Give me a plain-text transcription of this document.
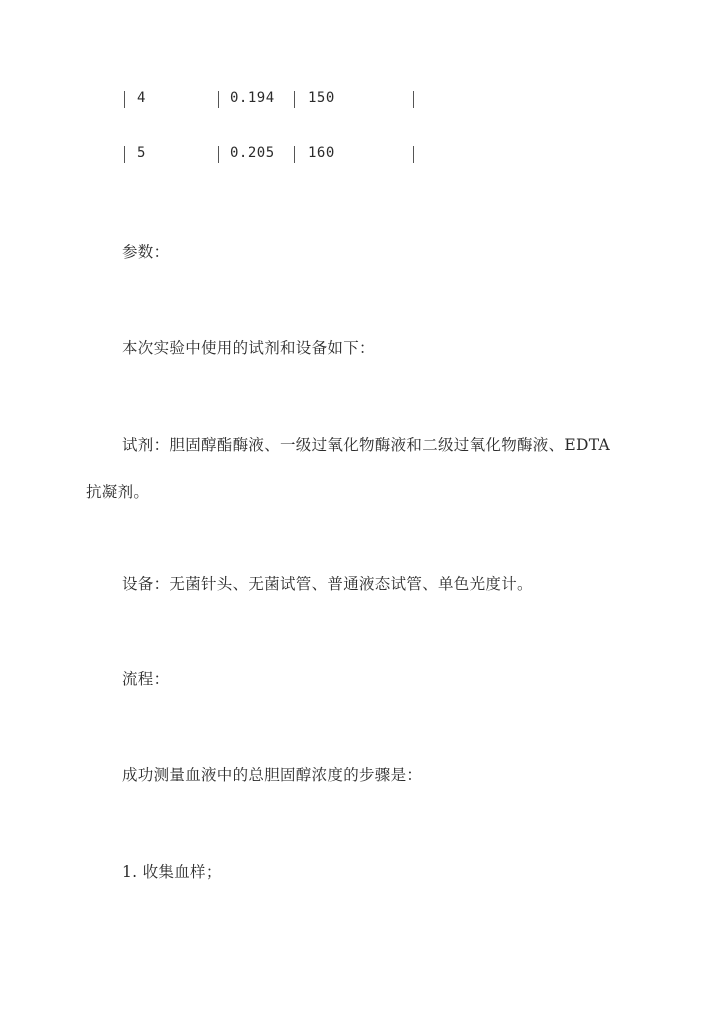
4	0.194 150
5	0.205 160
参数：
本次实验中使用的试剂和设备如下：
试剂：胆固醇酯酶液、一级过氧化物酶液和二级过氧化物酶液、EDTA
抗凝剂。
设备：无菌针头、无菌试管、普通液态试管、单色光度计。
流程：
成功测量血液中的总胆固醇浓度的步骤是：
1. 收集血样；
